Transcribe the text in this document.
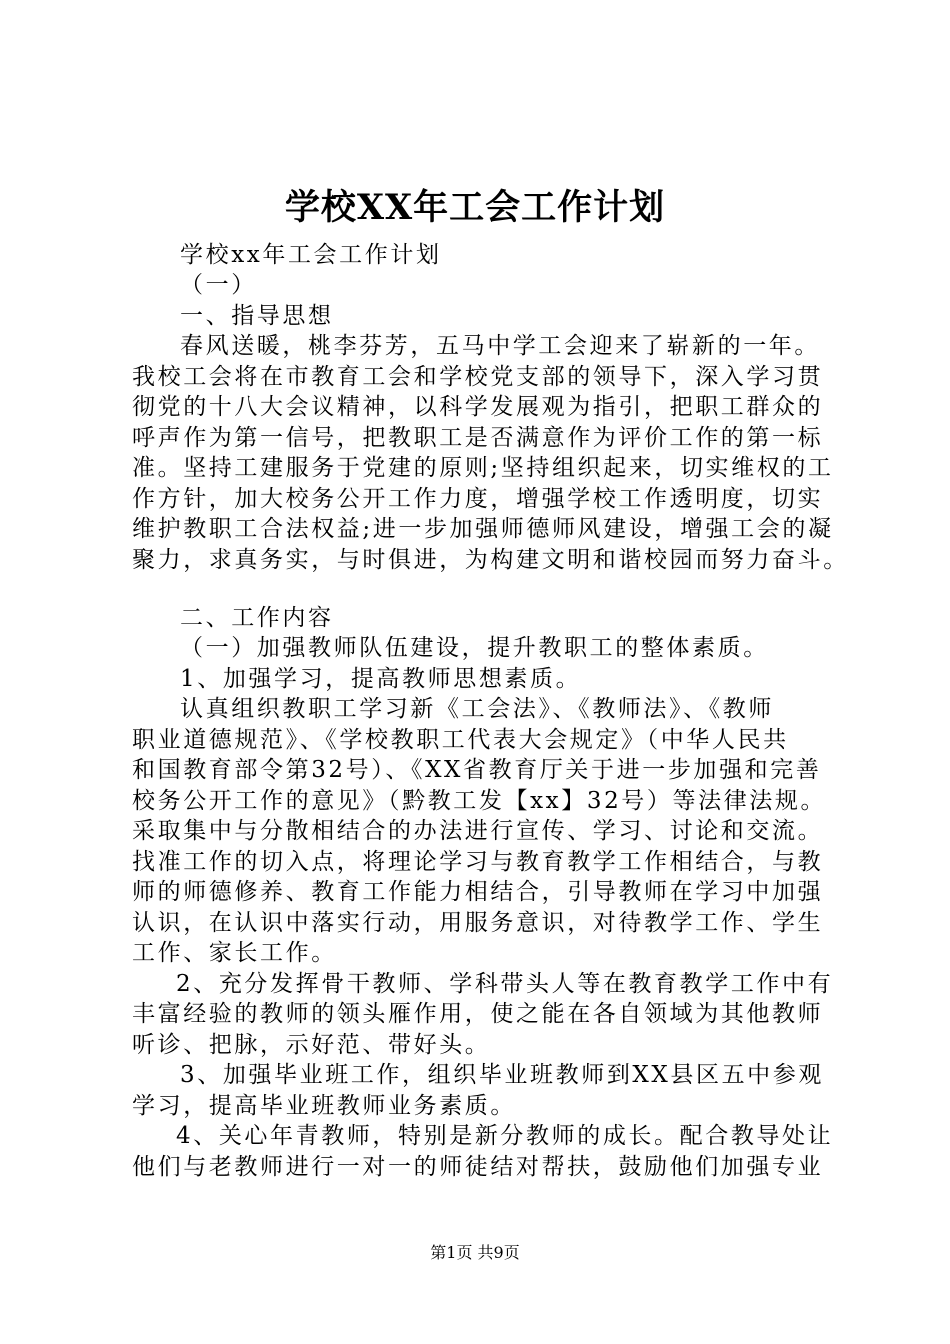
学校XX年工会工作计划
学校xx年工会工作计划
（一）
一、指导思想
春风送暖，桃李芬芳，五马中学工会迎来了崭新的一年。
我校工会将在市教育工会和学校党支部的领导下，深入学习贯
彻党的十八大会议精神，以科学发展观为指引，把职工群众的
呼声作为第一信号，把教职工是否满意作为评价工作的第一标
准。坚持工建服务于党建的原则;坚持组织起来，切实维权的工
作方针，加大校务公开工作力度，增强学校工作透明度，切实
维护教职工合法权益;进一步加强师德师风建设，增强工会的凝
聚力，求真务实，与时俱进，为构建文明和谐校园而努力奋斗。
二、工作内容
（一）加强教师队伍建设，提升教职工的整体素质。
1、加强学习，提高教师思想素质。
认真组织教职工学习新《工会法》、《教师法》、《教师
职业道德规范》、《学校教职工代表大会规定》（中华人民共
和国教育部令第32号）、《XX省教育厅关于进一步加强和完善
校务公开工作的意见》（黔教工发【xx】32号）等法律法规。
采取集中与分散相结合的办法进行宣传、学习、讨论和交流。
找准工作的切入点，将理论学习与教育教学工作相结合，与教
师的师德修养、教育工作能力相结合，引导教师在学习中加强
认识，在认识中落实行动，用服务意识，对待教学工作、学生
工作、家长工作。
2、充分发挥骨干教师、学科带头人等在教育教学工作中有
丰富经验的教师的领头雁作用，使之能在各自领域为其他教师
听诊、把脉，示好范、带好头。
3、加强毕业班工作，组织毕业班教师到XX县区五中参观
学习，提高毕业班教师业务素质。
4、关心年青教师，特别是新分教师的成长。配合教导处让
他们与老教师进行一对一的师徒结对帮扶，鼓励他们加强专业
第1页 共9页
